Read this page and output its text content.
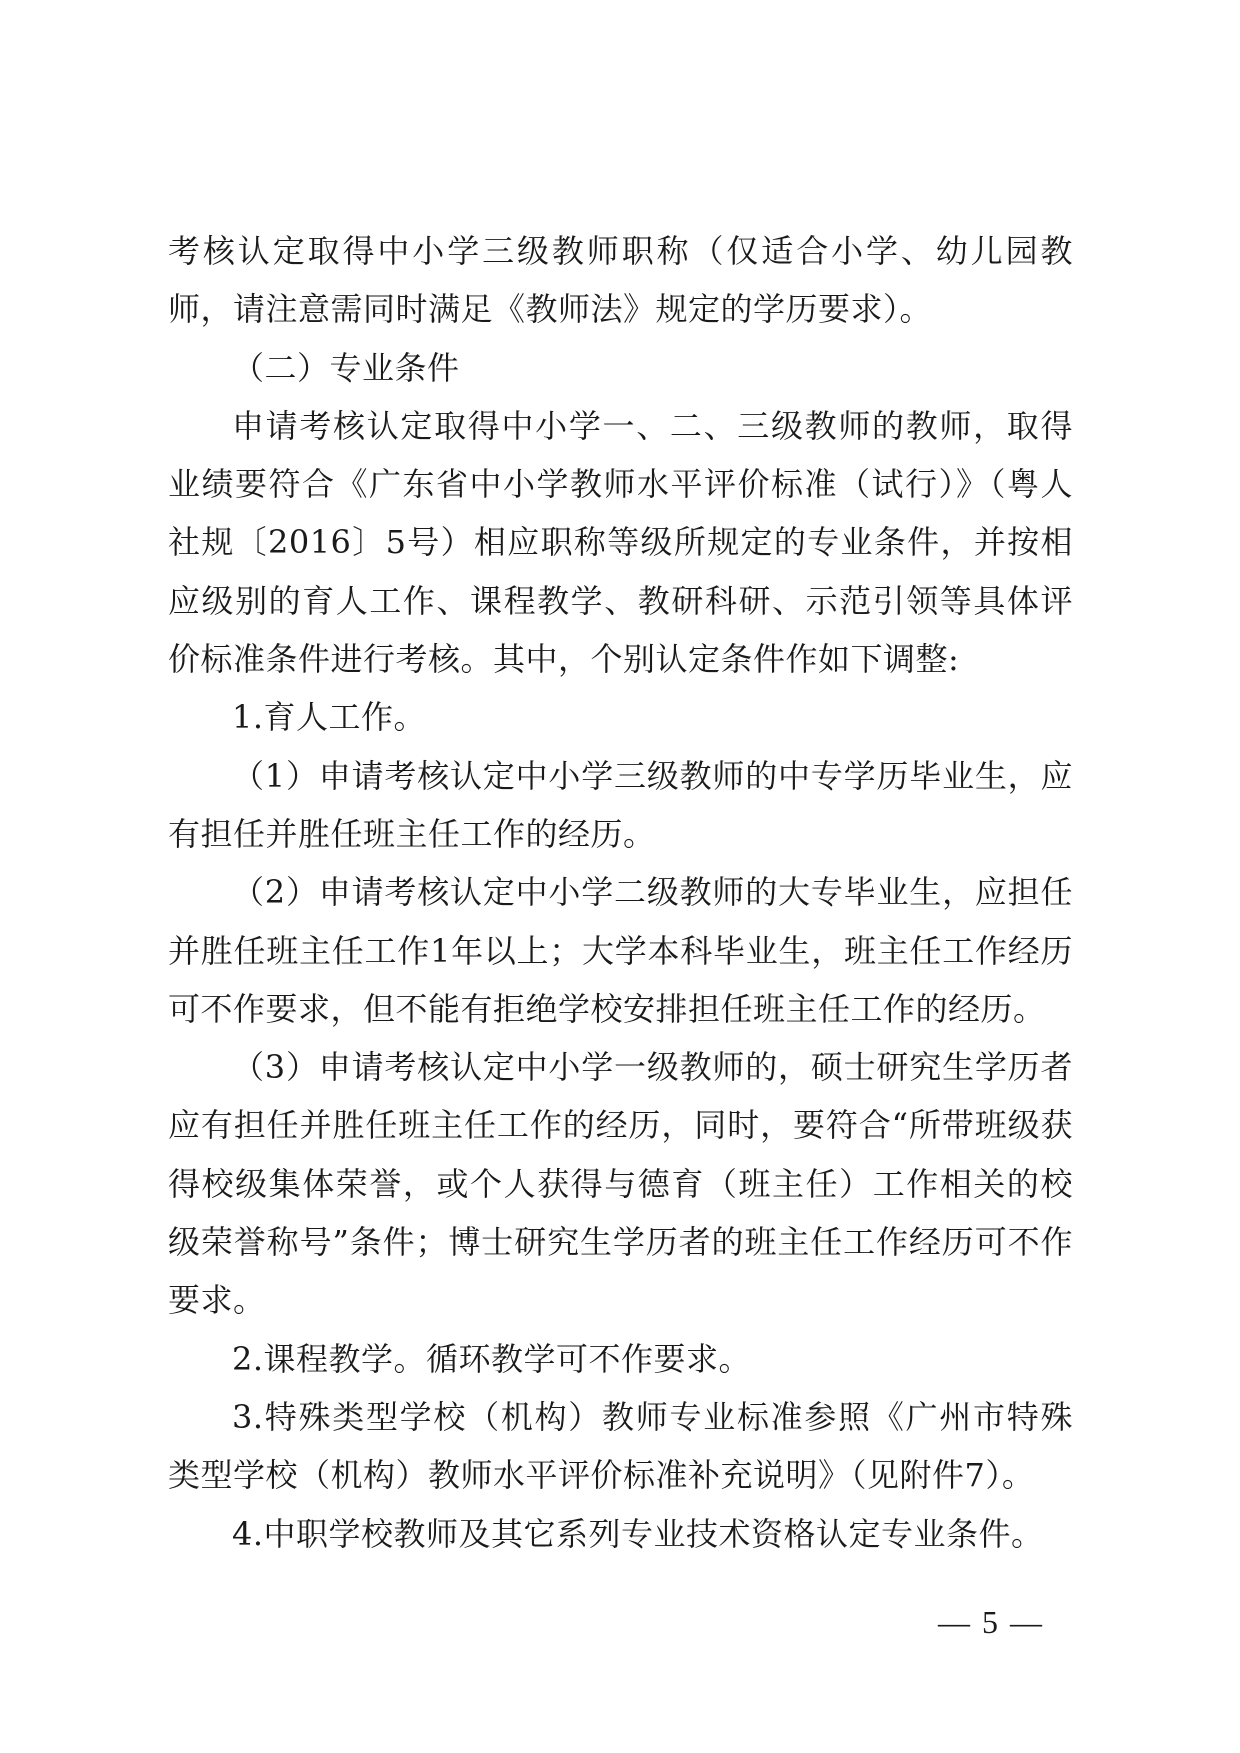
考核认定取得中小学三级教师职称（仅适合小学、幼儿园教师，请注意需同时满足《教师法》规定的学历要求）。

（二）专业条件

申请考核认定取得中小学一、二、三级教师的教师，取得业绩要符合《广东省中小学教师水平评价标准（试行）》（粤人社规〔2016〕5号）相应职称等级所规定的专业条件，并按相应级别的育人工作、课程教学、教研科研、示范引领等具体评价标准条件进行考核。其中，个别认定条件作如下调整:

1.育人工作。

（1）申请考核认定中小学三级教师的中专学历毕业生，应有担任并胜任班主任工作的经历。

（2）申请考核认定中小学二级教师的大专毕业生，应担任并胜任班主任工作1年以上；大学本科毕业生，班主任工作经历可不作要求，但不能有拒绝学校安排担任班主任工作的经历。

（3）申请考核认定中小学一级教师的，硕士研究生学历者应有担任并胜任班主任工作的经历，同时，要符合“所带班级获得校级集体荣誉，或个人获得与德育（班主任）工作相关的校级荣誉称号”条件；博士研究生学历者的班主任工作经历可不作要求。

2.课程教学。循环教学可不作要求。

3.特殊类型学校（机构）教师专业标准参照《广州市特殊类型学校（机构）教师水平评价标准补充说明》（见附件7）。

4.中职学校教师及其它系列专业技术资格认定专业条件。

— 5 —
